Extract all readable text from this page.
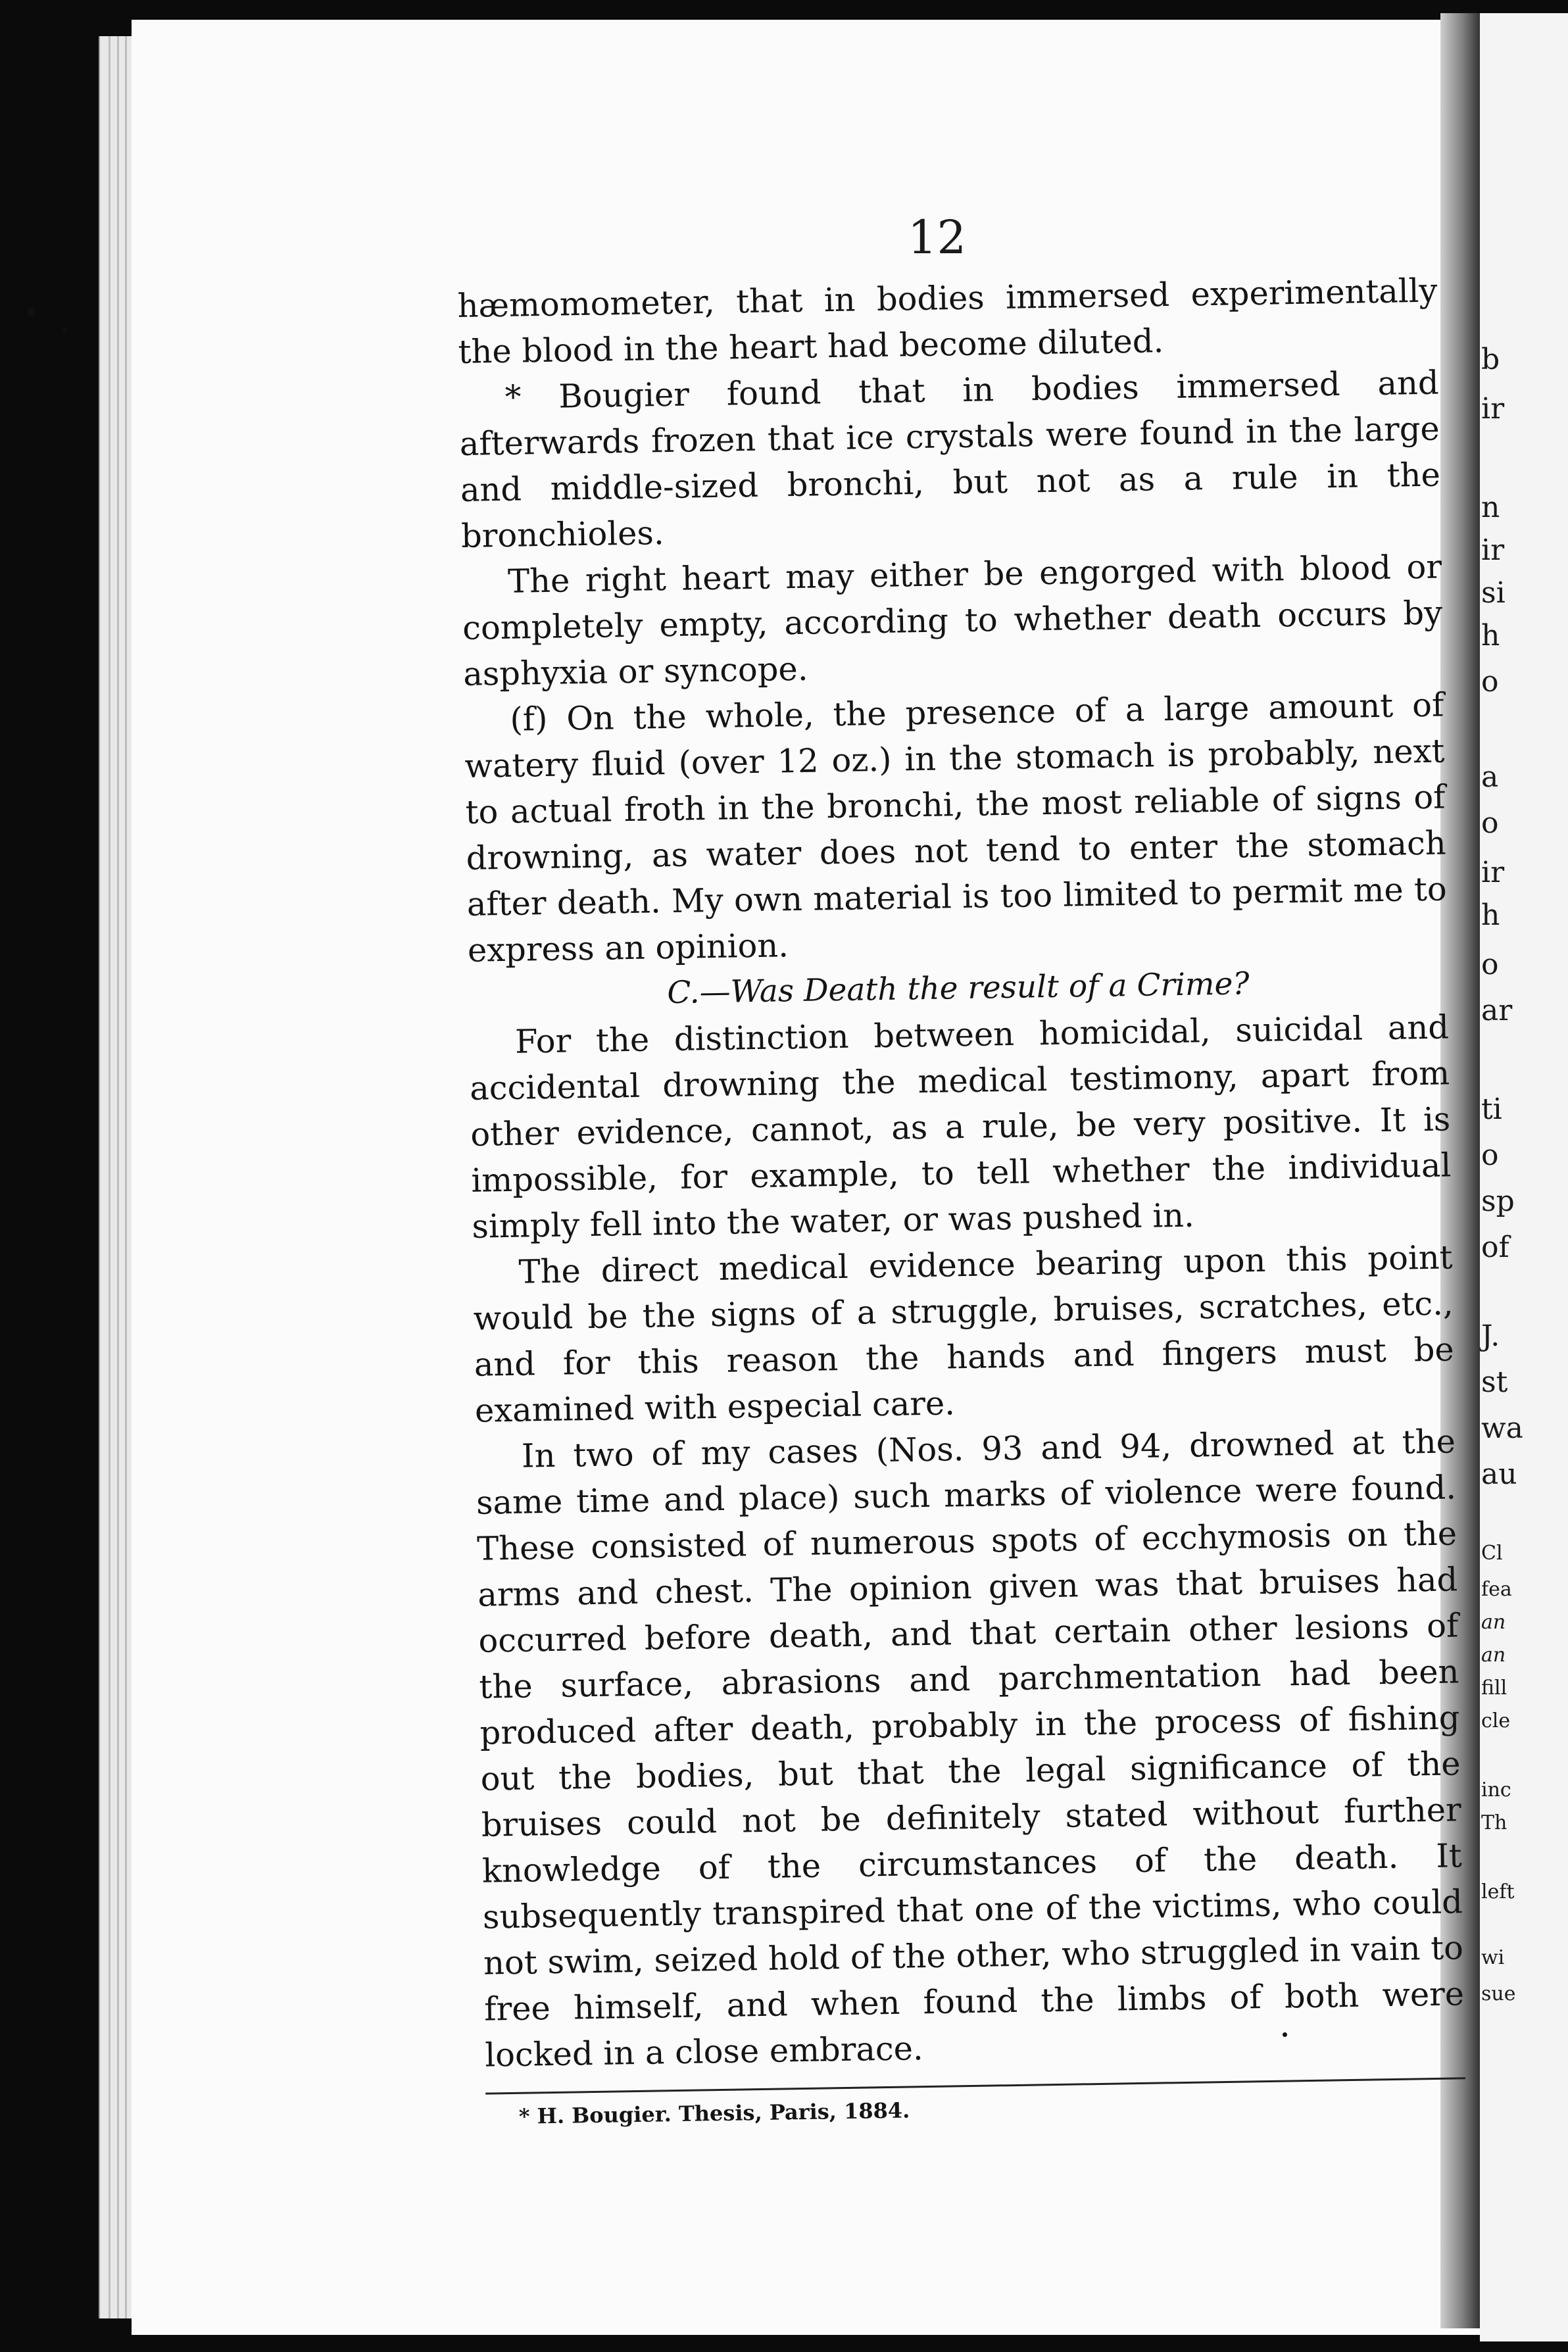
b
ir
n
ir
si
h
o
a
o
ir
h
o
ar
ti
o
sp
of
J.
st
wa
au
Cl
fea
an
an
fill
cle
inc
Th
left
wi
sue
12

hæmomometer, that in bodies immersed experimentally the blood in the heart had become diluted.

* Bougier found that in bodies immersed and afterwards frozen that ice crystals were found in the large and middle-sized bronchi, but not as a rule in the bronchioles.

The right heart may either be engorged with blood or completely empty, according to whether death occurs by asphyxia or syncope.

(f) On the whole, the presence of a large amount of watery fluid (over 12 oz.) in the stomach is probably, next to actual froth in the bronchi, the most reliable of signs of drowning, as water does not tend to enter the stomach after death. My own material is too limited to permit me to express an opinion.

C.—Was Death the result of a Crime?

For the distinction between homicidal, suicidal and accidental drowning the medical testimony, apart from other evidence, cannot, as a rule, be very positive. It is impossible, for example, to tell whether the individual simply fell into the water, or was pushed in.

The direct medical evidence bearing upon this point would be the signs of a struggle, bruises, scratches, etc., and for this reason the hands and fingers must be examined with especial care.

In two of my cases (Nos. 93 and 94, drowned at the same time and place) such marks of violence were found. These consisted of numerous spots of ecchymosis on the arms and chest. The opinion given was that bruises had occurred before death, and that certain other lesions of the surface, abrasions and parchmentation had been produced after death, probably in the process of fishing out the bodies, but that the legal significance of the bruises could not be definitely stated without further knowledge of the circumstances of the death. It subsequently transpired that one of the victims, who could not swim, seized hold of the other, who struggled in vain to free himself, and when found the limbs of both were locked in a close embrace.

* H. Bougier. Thesis, Paris, 1884.
